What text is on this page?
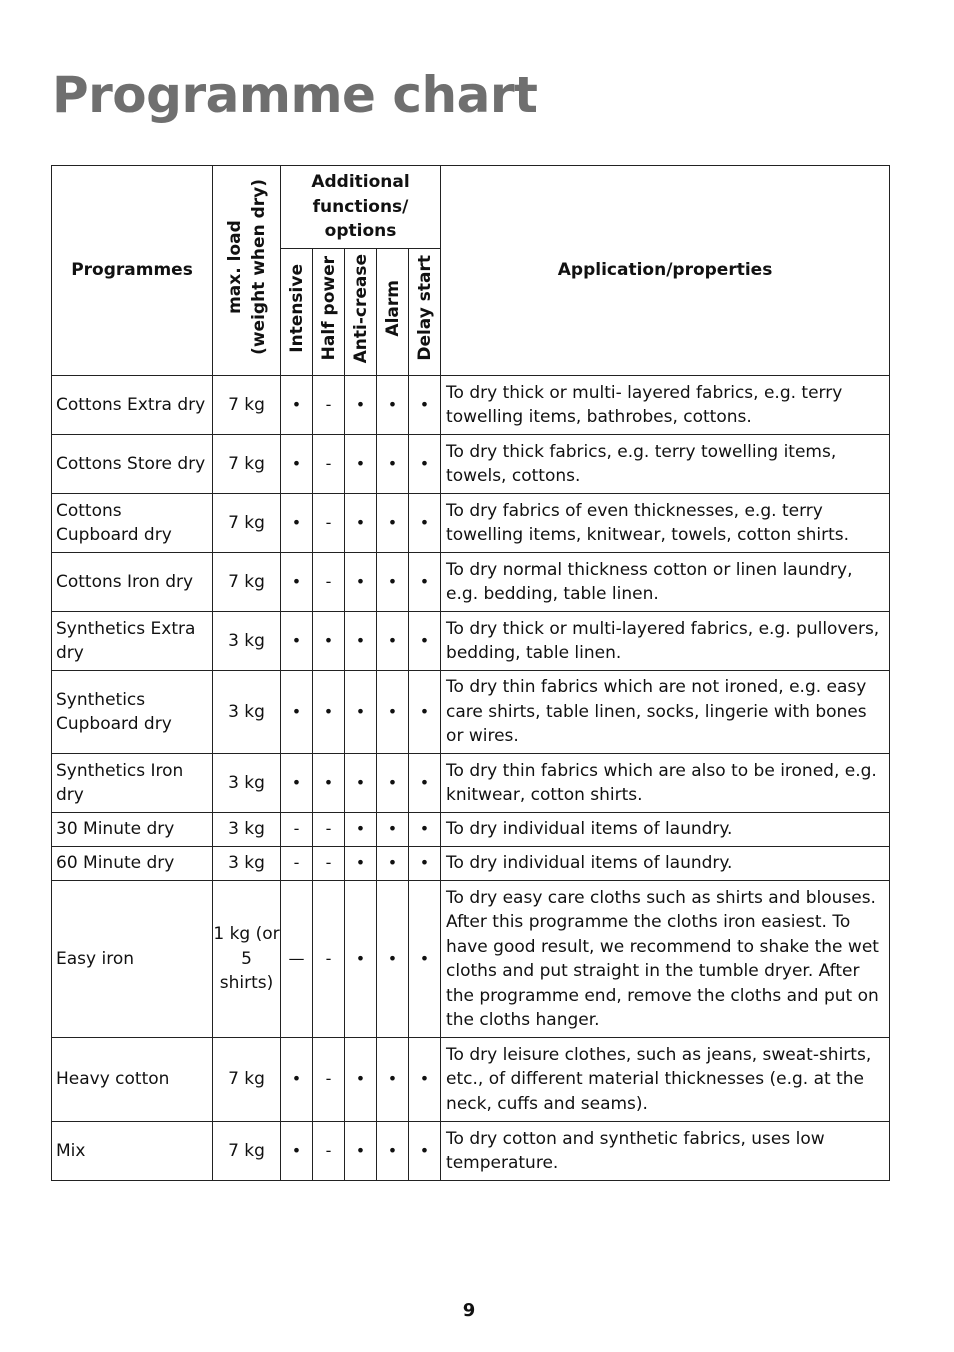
Programme chart
Programmes	max. load (weight when dry)	Additional functions/ options					Application/properties
		Intensive	Half power	Anti-crease	Alarm	Delay start	
Cottons Extra dry	7 kg	•	-	•	•	•	To dry thick or multi- layered fabrics, e.g. terry towelling items, bathrobes, cottons.
Cottons Store dry	7 kg	•	-	•	•	•	To dry thick fabrics, e.g. terry towelling items, towels, cottons.
Cottons Cupboard dry	7 kg	•	-	•	•	•	To dry fabrics of even thicknesses, e.g. terry towelling items, knitwear, towels, cotton shirts.
Cottons Iron dry	7 kg	•	-	•	•	•	To dry normal thickness cotton or linen laundry, e.g. bedding, table linen.
Synthetics Extra dry	3 kg	•	•	•	•	•	To dry thick or multi-layered fabrics, e.g. pullovers, bedding, table linen.
Synthetics Cupboard dry	3 kg	•	•	•	•	•	To dry thin fabrics which are not ironed, e.g. easy care shirts, table linen, socks, lingerie with bones or wires.
Synthetics Iron dry	3 kg	•	•	•	•	•	To dry thin fabrics which are also to be ironed, e.g. knitwear, cotton shirts.
30 Minute dry	3 kg	-	-	•	•	•	To dry individual items of laundry.
60 Minute dry	3 kg	-	-	•	•	•	To dry individual items of laundry.
Easy iron	1 kg (or 5 shirts)	—	-	•	•	•	To dry easy care cloths such as shirts and blouses. After this programme the cloths iron easiest. To have good result, we recommend to shake the wet cloths and put straight in the tumble dryer. After the programme end, remove the cloths and put on the cloths hanger.
Heavy cotton	7 kg	•	-	•	•	•	To dry leisure clothes, such as jeans, sweat-shirts, etc., of different material thicknesses (e.g. at the neck, cuffs and seams).
Mix	7 kg	•	-	•	•	•	To dry cotton and synthetic fabrics, uses low temperature.
9
